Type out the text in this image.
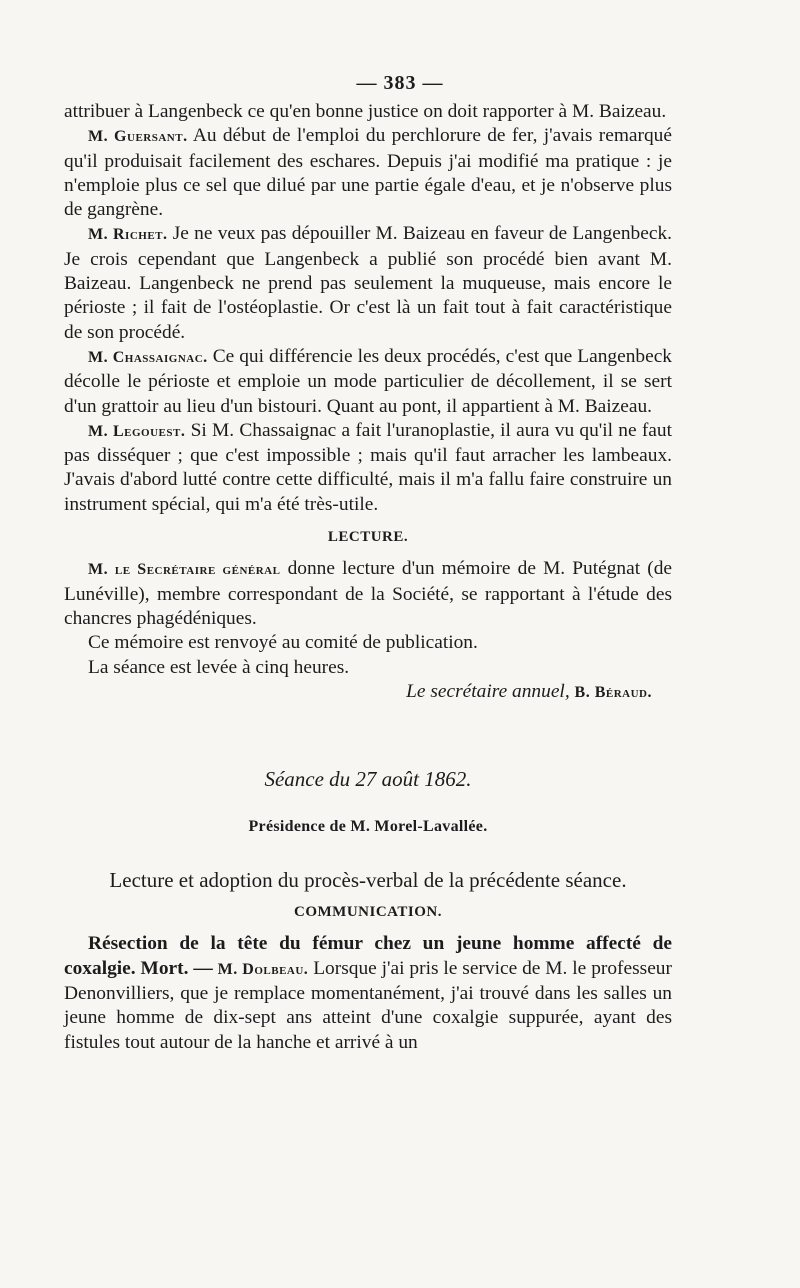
— 383 —

attribuer à Langenbeck ce qu'en bonne justice on doit rapporter à M. Baizeau.

M. Guersant. Au début de l'emploi du perchlorure de fer, j'avais remarqué qu'il produisait facilement des eschares. Depuis j'ai modifié ma pratique : je n'emploie plus ce sel que dilué par une partie égale d'eau, et je n'observe plus de gangrène.

M. Richet. Je ne veux pas dépouiller M. Baizeau en faveur de Langenbeck. Je crois cependant que Langenbeck a publié son procédé bien avant M. Baizeau. Langenbeck ne prend pas seulement la muqueuse, mais encore le périoste ; il fait de l'ostéoplastie. Or c'est là un fait tout à fait caractéristique de son procédé.

M. Chassaignac. Ce qui différencie les deux procédés, c'est que Langenbeck décolle le périoste et emploie un mode particulier de décollement, il se sert d'un grattoir au lieu d'un bistouri. Quant au pont, il appartient à M. Baizeau.

M. Legouest. Si M. Chassaignac a fait l'uranoplastie, il aura vu qu'il ne faut pas disséquer ; que c'est impossible ; mais qu'il faut arracher les lambeaux. J'avais d'abord lutté contre cette difficulté, mais il m'a fallu faire construire un instrument spécial, qui m'a été très-utile.

LECTURE.

M. le Secrétaire général donne lecture d'un mémoire de M. Putégnat (de Lunéville), membre correspondant de la Société, se rapportant à l'étude des chancres phagédéniques.

Ce mémoire est renvoyé au comité de publication.

La séance est levée à cinq heures.

Le secrétaire annuel, B. Béraud.

Séance du 27 août 1862.
Présidence de M. Morel-Lavallée.
Lecture et adoption du procès-verbal de la précédente séance.
COMMUNICATION.

Résection de la tête du fémur chez un jeune homme affecté de coxalgie. Mort. — M. Dolbeau. Lorsque j'ai pris le service de M. le professeur Denonvilliers, que je remplace momentanément, j'ai trouvé dans les salles un jeune homme de dix-sept ans atteint d'une coxalgie suppurée, ayant des fistules tout autour de la hanche et arrivé à un
